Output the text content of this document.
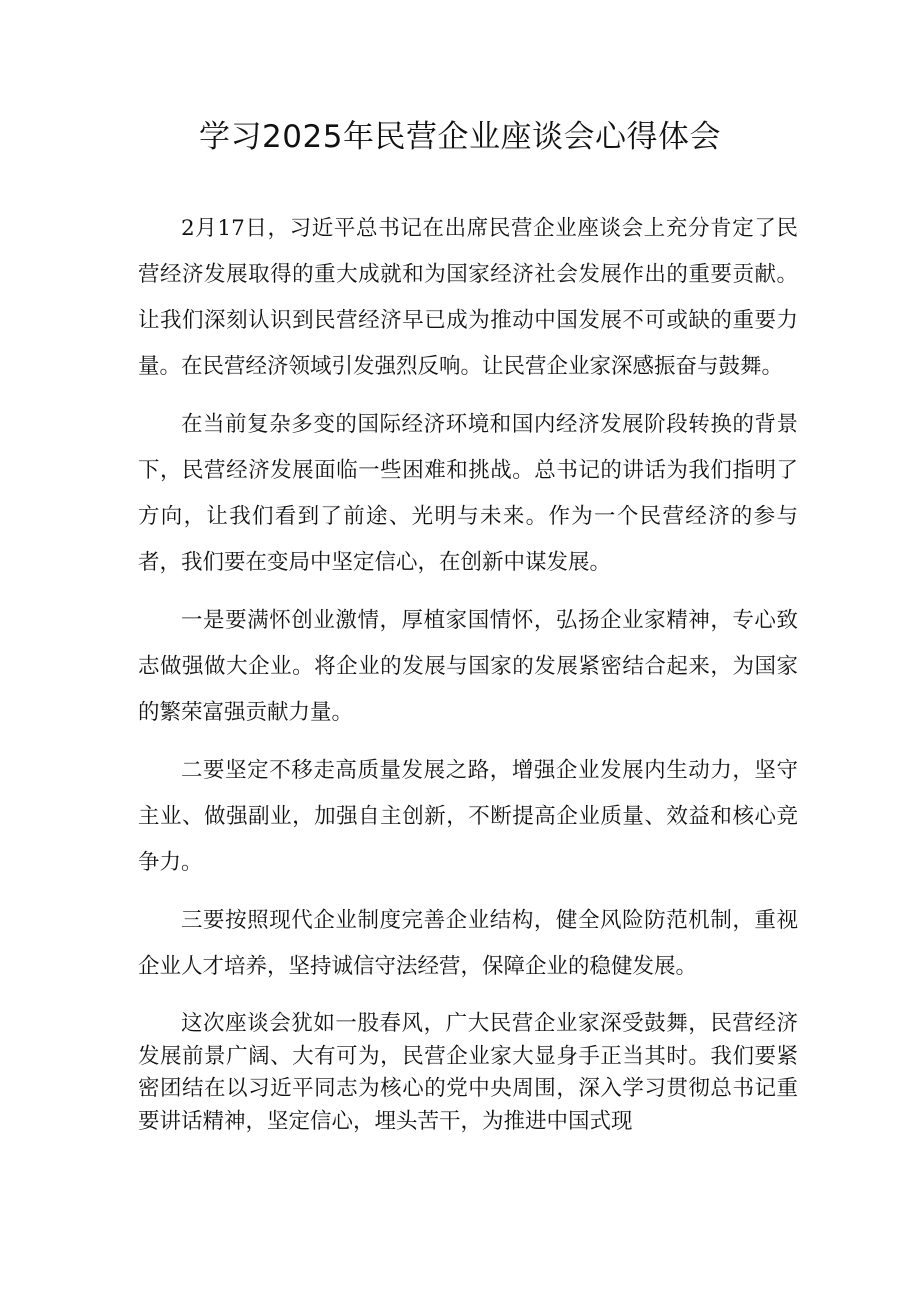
学习2025年民营企业座谈会心得体会

2月17日，习近平总书记在出席民营企业座谈会上充分肯定了民营经济发展取得的重大成就和为国家经济社会发展作出的重要贡献。让我们深刻认识到民营经济早已成为推动中国发展不可或缺的重要力量。在民营经济领域引发强烈反响。让民营企业家深感振奋与鼓舞。

在当前复杂多变的国际经济环境和国内经济发展阶段转换的背景下，民营经济发展面临一些困难和挑战。总书记的讲话为我们指明了方向，让我们看到了前途、光明与未来。作为一个民营经济的参与者，我们要在变局中坚定信心，在创新中谋发展。

一是要满怀创业激情，厚植家国情怀，弘扬企业家精神，专心致志做强做大企业。将企业的发展与国家的发展紧密结合起来，为国家的繁荣富强贡献力量。

二要坚定不移走高质量发展之路，增强企业发展内生动力，坚守主业、做强副业，加强自主创新，不断提高企业质量、效益和核心竞争力。

三要按照现代企业制度完善企业结构，健全风险防范机制，重视企业人才培养，坚持诚信守法经营，保障企业的稳健发展。

这次座谈会犹如一股春风，广大民营企业家深受鼓舞，民营经济发展前景广阔、大有可为，民营企业家大显身手正当其时。我们要紧密团结在以习近平同志为核心的党中央周围，深入学习贯彻总书记重要讲话精神，坚定信心，埋头苦干，为推进中国式现
